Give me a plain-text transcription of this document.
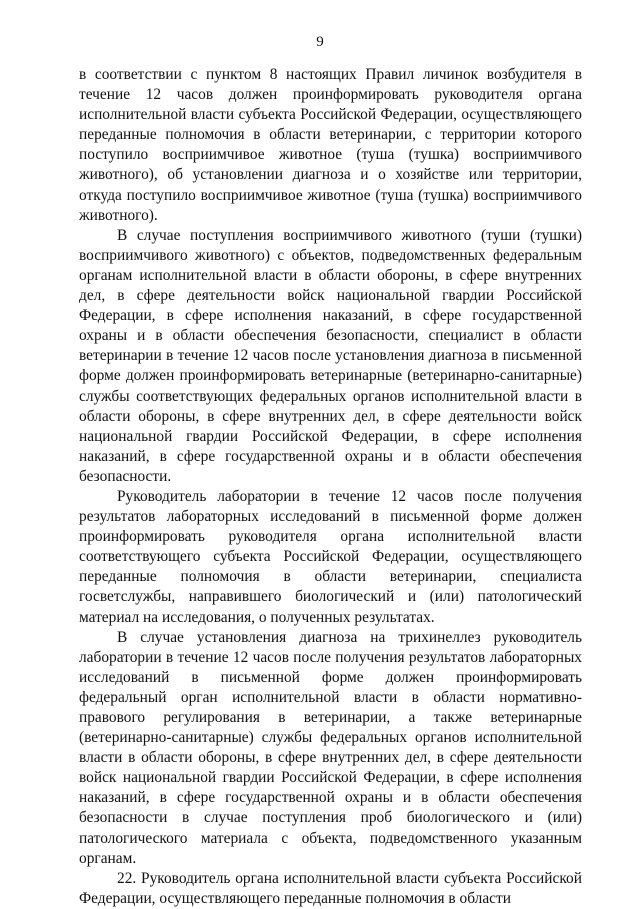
9

в соответствии с пунктом 8 настоящих Правил личинок возбудителя в течение 12 часов должен проинформировать руководителя органа исполнительной власти субъекта Российской Федерации, осуществляющего переданные полномочия в области ветеринарии, с территории которого поступило восприимчивое животное (туша (тушка) восприимчивого животного), об установлении диагноза и о хозяйстве или территории, откуда поступило восприимчивое животное (туша (тушка) восприимчивого животного).

В случае поступления восприимчивого животного (туши (тушки) восприимчивого животного) с объектов, подведомственных федеральным органам исполнительной власти в области обороны, в сфере внутренних дел, в сфере деятельности войск национальной гвардии Российской Федерации, в сфере исполнения наказаний, в сфере государственной охраны и в области обеспечения безопасности, специалист в области ветеринарии в течение 12 часов после установления диагноза в письменной форме должен проинформировать ветеринарные (ветеринарно-санитарные) службы соответствующих федеральных органов исполнительной власти в области обороны, в сфере внутренних дел, в сфере деятельности войск национальной гвардии Российской Федерации, в сфере исполнения наказаний, в сфере государственной охраны и в области обеспечения безопасности.

Руководитель лаборатории в течение 12 часов после получения результатов лабораторных исследований в письменной форме должен проинформировать руководителя органа исполнительной власти соответствующего субъекта Российской Федерации, осуществляющего переданные полномочия в области ветеринарии, специалиста госветслужбы, направившего биологический и (или) патологический материал на исследования, о полученных результатах.

В случае установления диагноза на трихинеллез руководитель лаборатории в течение 12 часов после получения результатов лабораторных исследований в письменной форме должен проинформировать федеральный орган исполнительной власти в области нормативно-правового регулирования в ветеринарии, а также ветеринарные (ветеринарно-санитарные) службы федеральных органов исполнительной власти в области обороны, в сфере внутренних дел, в сфере деятельности войск национальной гвардии Российской Федерации, в сфере исполнения наказаний, в сфере государственной охраны и в области обеспечения безопасности в случае поступления проб биологического и (или) патологического материала с объекта, подведомственного указанным органам.

22. Руководитель органа исполнительной власти субъекта Российской Федерации, осуществляющего переданные полномочия в области
